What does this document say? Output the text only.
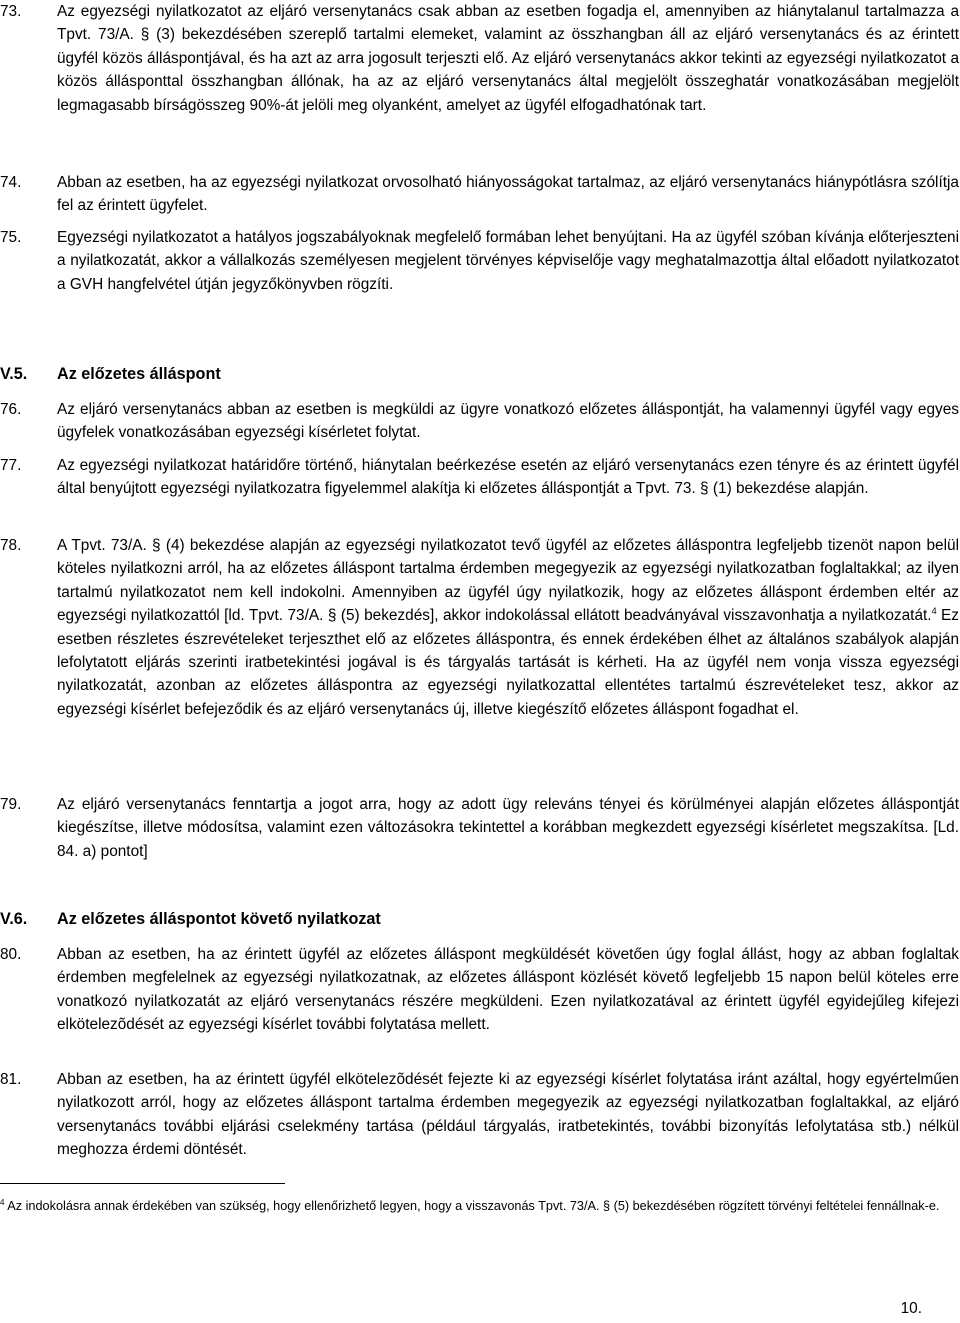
73.	Az egyezségi nyilatkozatot az eljáró versenytanács csak abban az esetben fogadja el, amennyiben az hiánytalanul tartalmazza a Tpvt. 73/A. § (3) bekezdésében szereplő tartalmi elemeket, valamint az összhangban áll az eljáró versenytanács és az érintett ügyfél közös álláspontjával, és ha azt az arra jogosult terjeszti elő. Az eljáró versenytanács akkor tekinti az egyezségi nyilatkozatot a közös állásponttal összhangban állónak, ha az az eljáró versenytanács által megjelölt összeghatár vonatkozásában megjelölt legmagasabb bírságösszeg 90%-át jelöli meg olyanként, amelyet az ügyfél elfogadhatónak tart.

74.	Abban az esetben, ha az egyezségi nyilatkozat orvosolható hiányosságokat tartalmaz, az eljáró versenytanács hiánypótlásra szólítja fel az érintett ügyfelet.

75.	Egyezségi nyilatkozatot a hatályos jogszabályoknak megfelelő formában lehet benyújtani. Ha az ügyfél szóban kívánja előterjeszteni a nyilatkozatát, akkor a vállalkozás személyesen megjelent törvényes képviselője vagy meghatalmazottja által előadott nyilatkozatot a GVH hangfelvétel útján jegyzőkönyvben rögzíti.

V.5.	Az előzetes álláspont

76.	Az eljáró versenytanács abban az esetben is megküldi az ügyre vonatkozó előzetes álláspontját, ha valamennyi ügyfél vagy egyes ügyfelek vonatkozásában egyezségi kísérletet folytat.

77.	Az egyezségi nyilatkozat határidőre történő, hiánytalan beérkezése esetén az eljáró versenytanács ezen tényre és az érintett ügyfél által benyújtott egyezségi nyilatkozatra figyelemmel alakítja ki előzetes álláspontját a Tpvt. 73. § (1) bekezdése alapján.

78.	A Tpvt. 73/A. § (4) bekezdése alapján az egyezségi nyilatkozatot tevő ügyfél az előzetes álláspontra legfeljebb tizenöt napon belül köteles nyilatkozni arról, ha az előzetes álláspont tartalma érdemben megegyezik az egyezségi nyilatkozatban foglaltakkal; az ilyen tartalmú nyilatkozatot nem kell indokolni. Amennyiben az ügyfél úgy nyilatkozik, hogy az előzetes álláspont érdemben eltér az egyezségi nyilatkozattól [ld. Tpvt. 73/A. § (5) bekezdés], akkor indokolással ellátott beadványával visszavonhatja a nyilatkozatát.$^4$ Ez esetben részletes észrevételeket terjeszthet elő az előzetes álláspontra, és ennek érdekében élhet az általános szabályok alapján lefolytatott eljárás szerinti iratbetekintési jogával is és tárgyalás tartását is kérheti. Ha az ügyfél nem vonja vissza egyezségi nyilatkozatát, azonban az előzetes álláspontra az egyezségi nyilatkozattal ellentétes tartalmú észrevételeket tesz, akkor az egyezségi kísérlet befejeződik és az eljáró versenytanács új, illetve kiegészítő előzetes álláspont fogadhat el.

79.	Az eljáró versenytanács fenntartja a jogot arra, hogy az adott ügy releváns tényei és körülményei alapján előzetes álláspontját kiegészítse, illetve módosítsa, valamint ezen változásokra tekintettel a korábban megkezdett egyezségi kísérletet megszakítsa. [Ld. 84. a) pontot]

V.6.	Az előzetes álláspontot követő nyilatkozat

80.	Abban az esetben, ha az érintett ügyfél az előzetes álláspont megküldését követően úgy foglal állást, hogy az abban foglaltak érdemben megfelelnek az egyezségi nyilatkozatnak, az előzetes álláspont közlését követő legfeljebb 15 napon belül köteles erre vonatkozó nyilatkozatát az eljáró versenytanács részére megküldeni. Ezen nyilatkozatával az érintett ügyfél egyidejűleg kifejezi elkötelezõdését az egyezségi kísérlet további folytatása mellett.

81.	Abban az esetben, ha az érintett ügyfél elkötelezõdését fejezte ki az egyezségi kísérlet folytatása iránt azáltal, hogy egyértelműen nyilatkozott arról, hogy az előzetes álláspont tartalma érdemben megegyezik az egyezségi nyilatkozatban foglaltakkal, az eljáró versenytanács további eljárási cselekmény tartása (például tárgyalás, iratbetekintés, további bizonyítás lefolytatása stb.) nélkül meghozza érdemi döntését.

$^4$ Az indokolásra annak érdekében van szükség, hogy ellenőrizhető legyen, hogy a visszavonás Tpvt. 73/A. § (5) bekezdésében rögzített törvényi feltételei fennállnak-e.
10.
